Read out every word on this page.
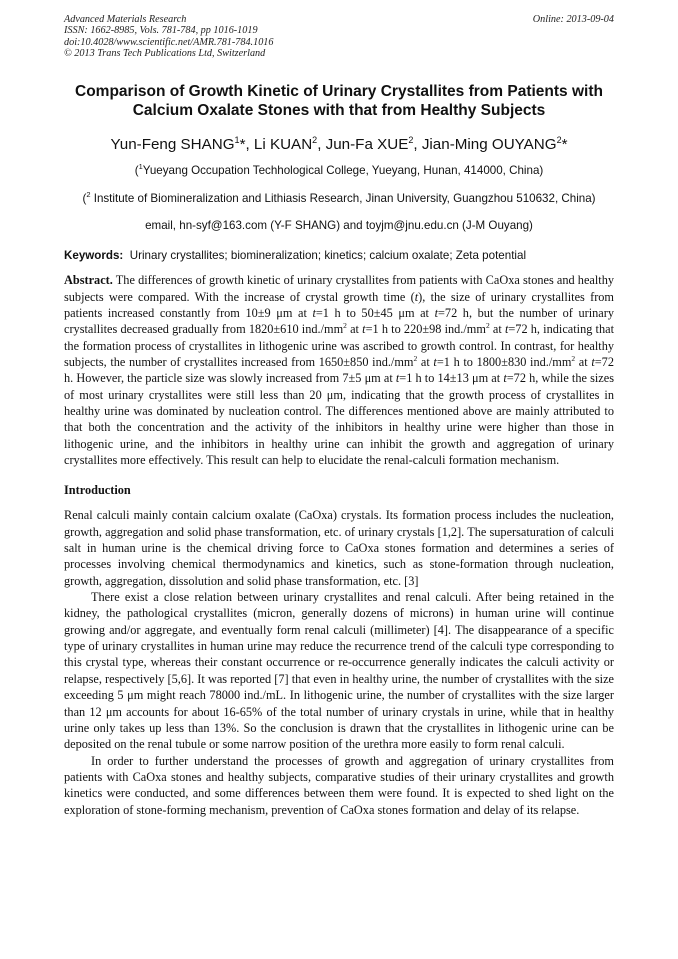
Advanced Materials Research
ISSN: 1662-8985, Vols. 781-784, pp 1016-1019
doi:10.4028/www.scientific.net/AMR.781-784.1016
© 2013 Trans Tech Publications Ltd, Switzerland
Online: 2013-09-04
Comparison of Growth Kinetic of Urinary Crystallites from Patients with
Calcium Oxalate Stones with that from Healthy Subjects
Yun-Feng SHANG$^1$*, Li KUAN$^2$, Jun-Fa XUE$^2$, Jian-Ming OUYANG$^2$*
($^1$Yueyang Occupation Techhological College, Yueyang, Hunan, 414000, China)
($^2$ Institute of Biomineralization and Lithiasis Research, Jinan University, Guangzhou 510632, China)
email, hn-syf@163.com (Y-F SHANG) and toyjm@jnu.edu.cn (J-M Ouyang)
Keywords: Urinary crystallites; biomineralization; kinetics; calcium oxalate; Zeta potential

Abstract. The differences of growth kinetic of urinary crystallites from patients with CaOxa stones and healthy subjects were compared. With the increase of crystal growth time (t), the size of urinary crystallites from patients increased constantly from 10±9 μm at t=1 h to 50±45 μm at t=72 h, but the number of urinary crystallites decreased gradually from 1820±610 $ind./mm^2$ at t=1 h to 220±98 $ind./mm^2$ at t=72 h, indicating that the formation process of crystallites in lithogenic urine was ascribed to growth control. In contrast, for healthy subjects, the number of crystallites increased from 1650±850 $ind./mm^2$ at t=1 h to 1800±830 $ind./mm^2$ at t=72 h. However, the particle size was slowly increased from 7±5 μm at t=1 h to 14±13 μm at t=72 h, while the sizes of most urinary crystallites were still less than 20 μm, indicating that the growth process of crystallites in healthy urine was dominated by nucleation control. The differences mentioned above are mainly attributed to that both the concentration and the activity of the inhibitors in healthy urine were higher than those in lithogenic urine, and the inhibitors in healthy urine can inhibit the growth and aggregation of urinary crystallites more effectively. This result can help to elucidate the renal-calculi formation mechanism.

Introduction

Renal calculi mainly contain calcium oxalate (CaOxa) crystals. Its formation process includes the nucleation, growth, aggregation and solid phase transformation, etc. of urinary crystals [1,2]. The supersaturation of calculi salt in human urine is the chemical driving force to CaOxa stones formation and determines a series of processes involving chemical thermodynamics and kinetics, such as stone-formation through nucleation, growth, aggregation, dissolution and solid phase transformation, etc. [3]

There exist a close relation between urinary crystallites and renal calculi. After being retained in the kidney, the pathological crystallites (micron, generally dozens of microns) in human urine will continue growing and/or aggregate, and eventually form renal calculi (millimeter) [4]. The disappearance of a specific type of urinary crystallites in human urine may reduce the recurrence trend of the calculi type corresponding to this crystal type, whereas their constant occurrence or re-occurrence generally indicates the calculi activity or relapse, respectively [5,6]. It was reported [7] that even in healthy urine, the number of crystallites with the size exceeding 5 μm might reach 78000 ind./mL. In lithogenic urine, the number of crystallites with the size larger than 12 μm accounts for about 16-65% of the total number of urinary crystals in urine, while that in healthy urine only takes up less than 13%. So the conclusion is drawn that the crystallites in lithogenic urine can be deposited on the renal tubule or some narrow position of the urethra more easily to form renal calculi.

In order to further understand the processes of growth and aggregation of urinary crystallites from patients with CaOxa stones and healthy subjects, comparative studies of their urinary crystallites and growth kinetics were conducted, and some differences between them were found. It is expected to shed light on the exploration of stone-forming mechanism, prevention of CaOxa stones formation and delay of its relapse.
